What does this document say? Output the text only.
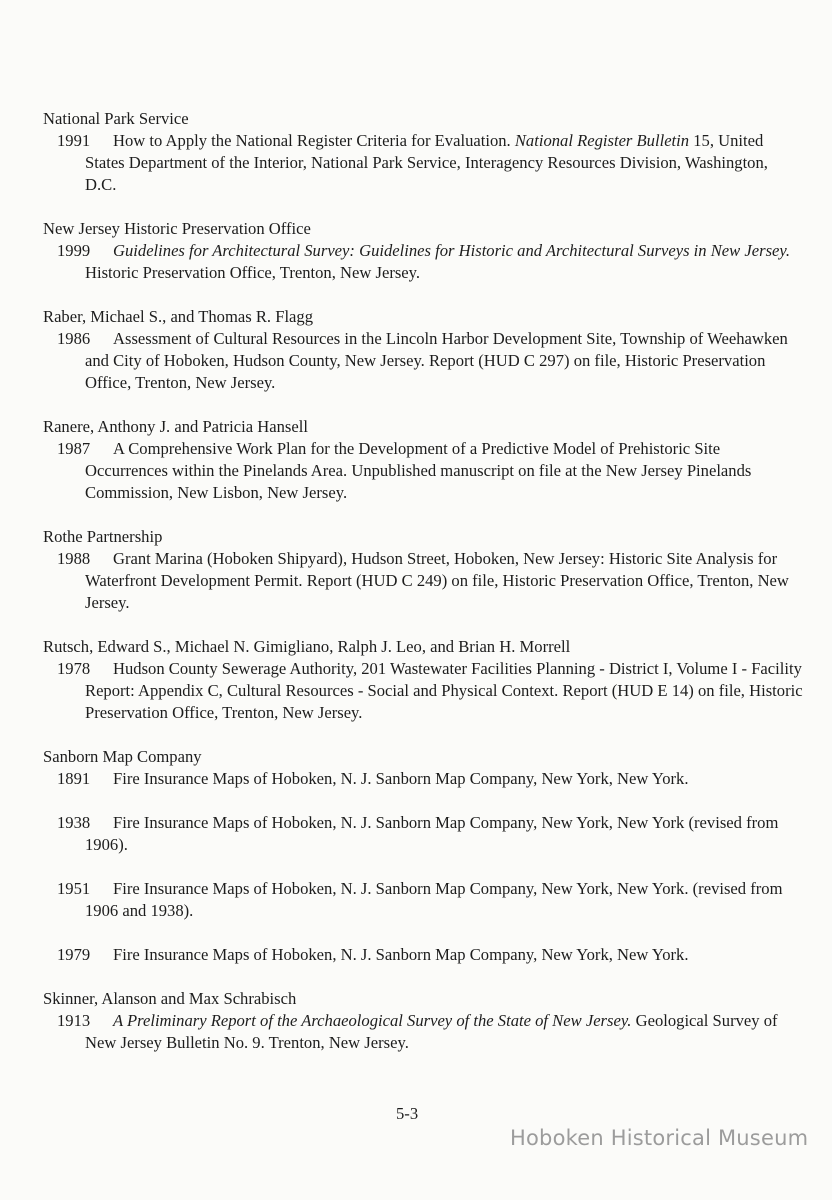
National Park Service

1991 How to Apply the National Register Criteria for Evaluation. National Register Bulletin 15, United States Department of the Interior, National Park Service, Interagency Resources Division, Washington, D.C.

New Jersey Historic Preservation Office

1999 Guidelines for Architectural Survey: Guidelines for Historic and Architectural Surveys in New Jersey. Historic Preservation Office, Trenton, New Jersey.

Raber, Michael S., and Thomas R. Flagg

1986 Assessment of Cultural Resources in the Lincoln Harbor Development Site, Township of Weehawken and City of Hoboken, Hudson County, New Jersey. Report (HUD C 297) on file, Historic Preservation Office, Trenton, New Jersey.

Ranere, Anthony J. and Patricia Hansell

1987 A Comprehensive Work Plan for the Development of a Predictive Model of Prehistoric Site Occurrences within the Pinelands Area. Unpublished manuscript on file at the New Jersey Pinelands Commission, New Lisbon, New Jersey.

Rothe Partnership

1988 Grant Marina (Hoboken Shipyard), Hudson Street, Hoboken, New Jersey: Historic Site Analysis for Waterfront Development Permit. Report (HUD C 249) on file, Historic Preservation Office, Trenton, New Jersey.

Rutsch, Edward S., Michael N. Gimigliano, Ralph J. Leo, and Brian H. Morrell

1978 Hudson County Sewerage Authority, 201 Wastewater Facilities Planning - District I, Volume I - Facility Report: Appendix C, Cultural Resources - Social and Physical Context. Report (HUD E 14) on file, Historic Preservation Office, Trenton, New Jersey.

Sanborn Map Company

1891 Fire Insurance Maps of Hoboken, N. J. Sanborn Map Company, New York, New York.

1938 Fire Insurance Maps of Hoboken, N. J. Sanborn Map Company, New York, New York (revised from 1906).

1951 Fire Insurance Maps of Hoboken, N. J. Sanborn Map Company, New York, New York. (revised from 1906 and 1938).

1979 Fire Insurance Maps of Hoboken, N. J. Sanborn Map Company, New York, New York.

Skinner, Alanson and Max Schrabisch

1913 A Preliminary Report of the Archaeological Survey of the State of New Jersey. Geological Survey of New Jersey Bulletin No. 9. Trenton, New Jersey.

5-3
Hoboken Historical Museum
